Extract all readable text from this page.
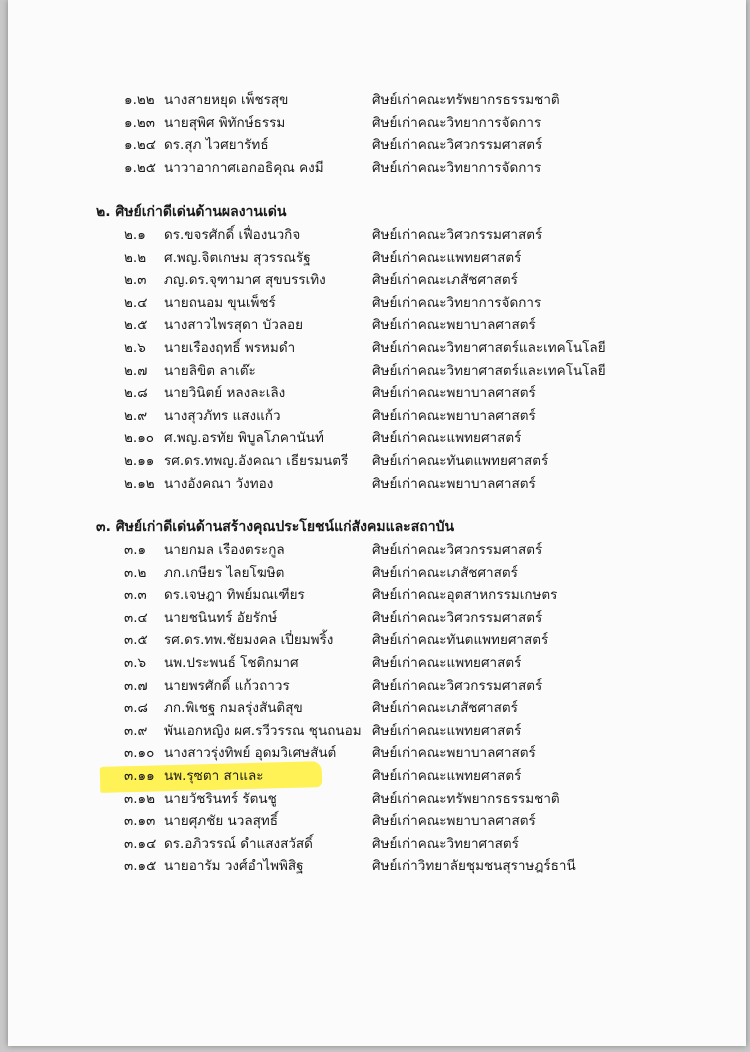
๑.๒๒ นางสายหยุด เพ็ชรสุข	ศิษย์เก่าคณะทรัพยากรธรรมชาติ
๑.๒๓ นายสุพิศ พิทักษ์ธรรม	ศิษย์เก่าคณะวิทยาการจัดการ
๑.๒๔ ดร.สุภ ไวศยารัทธ์	ศิษย์เก่าคณะวิศวกรรมศาสตร์
๑.๒๕ นาวาอากาศเอกอธิคุณ คงมี	ศิษย์เก่าคณะวิทยาการจัดการ
๒. ศิษย์เก่าดีเด่นด้านผลงานเด่น
๒.๑ ดร.ขจรศักดิ์ เฟื่องนวกิจ	ศิษย์เก่าคณะวิศวกรรมศาสตร์
๒.๒ ศ.พญ.จิตเกษม สุวรรณรัฐ	ศิษย์เก่าคณะแพทยศาสตร์
๒.๓ ภญ.ดร.จุฑามาศ สุขบรรเทิง	ศิษย์เก่าคณะเภสัชศาสตร์
๒.๔ นายถนอม ขุนเพ็ชร์	ศิษย์เก่าคณะวิทยาการจัดการ
๒.๕ นางสาวไพรสุดา บัวลอย	ศิษย์เก่าคณะพยาบาลศาสตร์
๒.๖ นายเรืองฤทธิ์ พรหมดำ	ศิษย์เก่าคณะวิทยาศาสตร์และเทคโนโลยี
๒.๗ นายลิขิต ลาเต๊ะ	ศิษย์เก่าคณะวิทยาศาสตร์และเทคโนโลยี
๒.๘ นายวินิตย์ หลงละเลิง	ศิษย์เก่าคณะพยาบาลศาสตร์
๒.๙ นางสุวภัทร แสงแก้ว	ศิษย์เก่าคณะพยาบาลศาสตร์
๒.๑๐ ศ.พญ.อรทัย พิบูลโภคานันท์	ศิษย์เก่าคณะแพทยศาสตร์
๒.๑๑ รศ.ดร.ทพญ.อังคณา เธียรมนตรี ศิษย์เก่าคณะทันตแพทยศาสตร์
๒.๑๒ นางอังคณา วังทอง	ศิษย์เก่าคณะพยาบาลศาสตร์
๓. ศิษย์เก่าดีเด่นด้านสร้างคุณประโยชน์แก่สังคมและสถาบัน
๓.๑ นายกมล เรืองตระกูล	ศิษย์เก่าคณะวิศวกรรมศาสตร์
๓.๒ ภก.เกษียร ไลยโฆษิต	ศิษย์เก่าคณะเภสัชศาสตร์
๓.๓ ดร.เจษฎา ทิพย์มณเฑียร	ศิษย์เก่าคณะอุตสาหกรรมเกษตร
๓.๔ นายชนินทร์ อัยรักษ์	ศิษย์เก่าคณะวิศวกรรมศาสตร์
๓.๕ รศ.ดร.ทพ.ชัยมงคล เปี่ยมพริ้ง	ศิษย์เก่าคณะทันตแพทยศาสตร์
๓.๖ นพ.ประพนธ์ โชติกมาศ	ศิษย์เก่าคณะแพทยศาสตร์
๓.๗ นายพรศักดิ์ แก้วถาวร	ศิษย์เก่าคณะวิศวกรรมศาสตร์
๓.๘ ภก.พิเชฐ กมลรุ่งสันติสุข	ศิษย์เก่าคณะเภสัชศาสตร์
๓.๙ พันเอกหญิง ผศ.รวีวรรณ ชุนถนอม ศิษย์เก่าคณะแพทยศาสตร์
๓.๑๐ นางสาวรุ่งทิพย์ อุดมวิเศษสันต์	ศิษย์เก่าคณะพยาบาลศาสตร์
๓.๑๑ นพ.รุซตา สาและ	ศิษย์เก่าคณะแพทยศาสตร์
๓.๑๒ นายวัชรินทร์ รัตนชู	ศิษย์เก่าคณะทรัพยากรธรรมชาติ
๓.๑๓ นายศุภชัย นวลสุทธิ์	ศิษย์เก่าคณะพยาบาลศาสตร์
๓.๑๔ ดร.อภิวรรณ์ ดำแสงสวัสดิ์	ศิษย์เก่าคณะวิทยาศาสตร์
๓.๑๕ นายอารัม วงศ์อำไพพิสิฐ	ศิษย์เก่าวิทยาลัยชุมชนสุราษฎร์ธานี
